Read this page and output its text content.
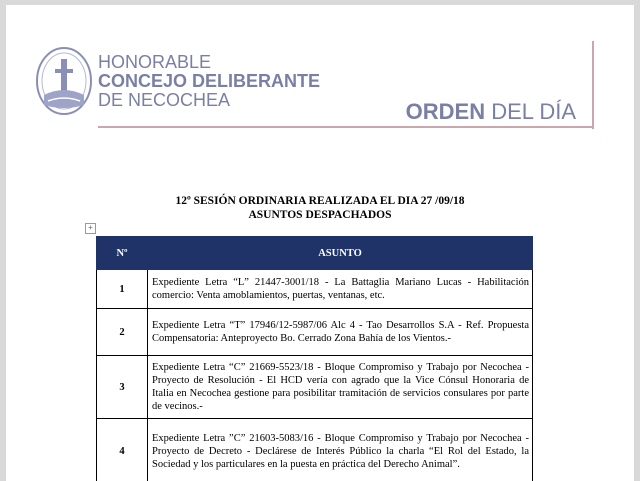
HONORABLE
CONCEJO DELIBERANTE
DE NECOCHEA	ORDEN DEL DÍA
12º SESIÓN ORDINARIA REALIZADA EL DIA 27 /09/18
ASUNTOS DESPACHADOS
+
Nº	ASUNTO
1	Expediente Letra “L” 21447-3001/18 - La Battaglia Mariano Lucas - Habilitación comercio: Venta amoblamientos, puertas, ventanas, etc.
2	Expediente Letra “T” 17946/12-5987/06 Alc 4 - Tao Desarrollos S.A - Ref. Propuesta Compensatoria: Anteproyecto Bo. Cerrado Zona Bahía de los Vientos.-
3	Expediente Letra “C” 21669-5523/18 - Bloque Compromiso y Trabajo por Necochea - Proyecto de Resolución - El HCD vería con agrado que la Vice Cónsul Honoraria de Italia en Necochea gestione para posibilitar tramitación de servicios consulares por parte de vecinos.-
4	Expediente Letra ”C” 21603-5083/16 - Bloque Compromiso y Trabajo por Necochea - Proyecto de Decreto - Declárese de Interés Público la charla “El Rol del Estado, la Sociedad y los particulares en la puesta en práctica del Derecho Animal”.
